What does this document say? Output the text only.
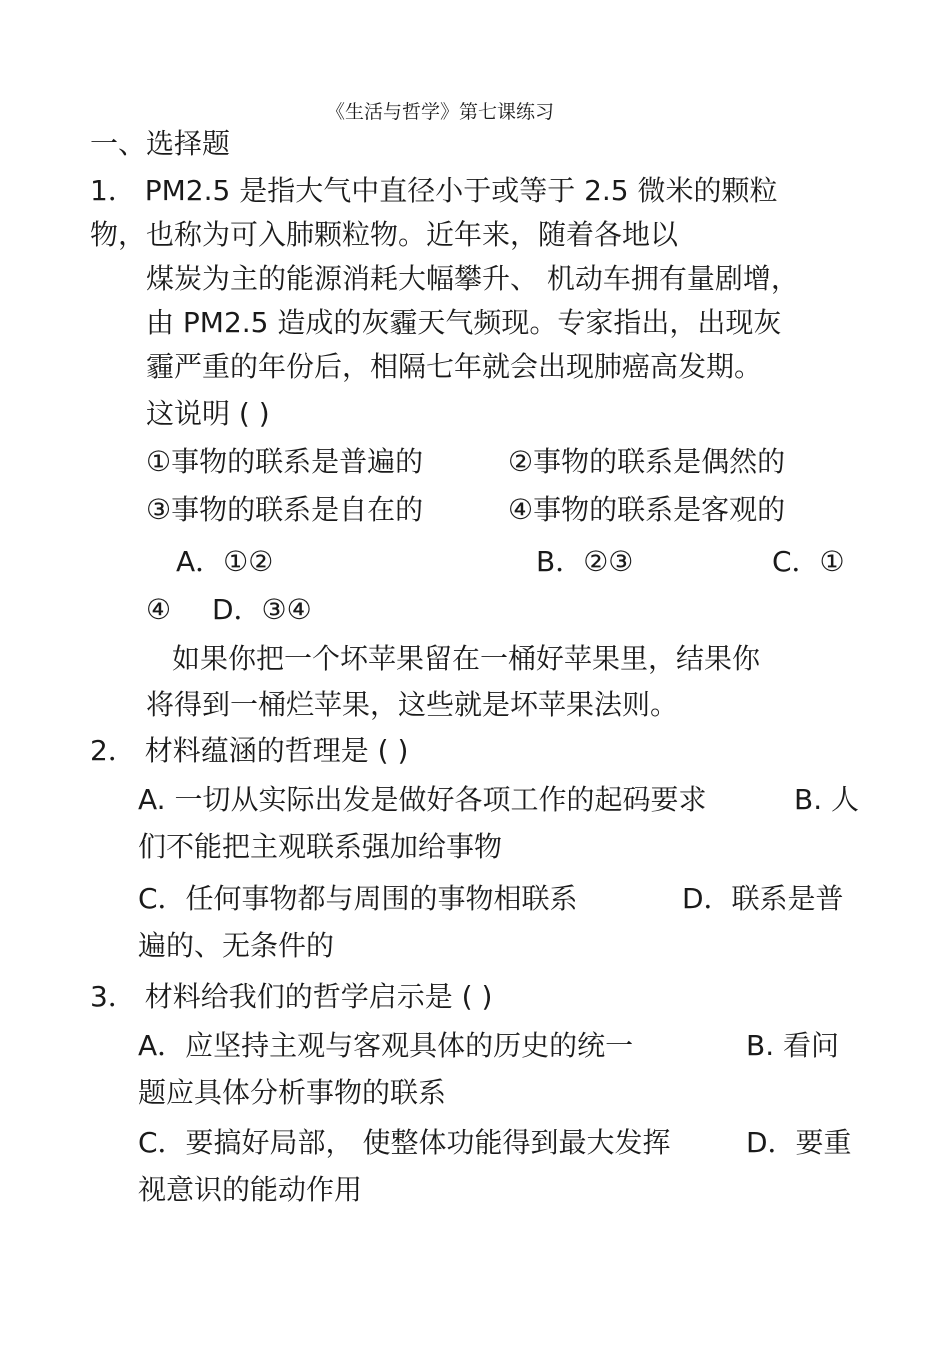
《生活与哲学》第七课练习
一、选择题
1． PM2.5 是指大气中直径小于或等于 2.5 微米的颗粒
物，也称为可入肺颗粒物。近年来，随着各地以
煤炭为主的能源消耗大幅攀升、 机动车拥有量剧增，
由 PM2.5 造成的灰霾天气频现。专家指出，出现灰
霾严重的年份后，相隔七年就会出现肺癌高发期。
这说明 ( )
①事物的联系是普遍的	②事物的联系是偶然的
③事物的联系是自在的	④事物的联系是客观的
A．①②	B．②③	C．①
④ D．③④
如果你把一个坏苹果留在一桶好苹果里，结果你
将得到一桶烂苹果，这些就是坏苹果法则。
2． 材料蕴涵的哲理是 ( )
A. 一切从实际出发是做好各项工作的起码要求	B. 人
们不能把主观联系强加给事物
C．任何事物都与周围的事物相联系	D．联系是普
遍的、无条件的
3． 材料给我们的哲学启示是 ( )
A．应坚持主观与客观具体的历史的统一	B. 看问
题应具体分析事物的联系
C．要搞好局部， 使整体功能得到最大发挥	D．要重
视意识的能动作用
